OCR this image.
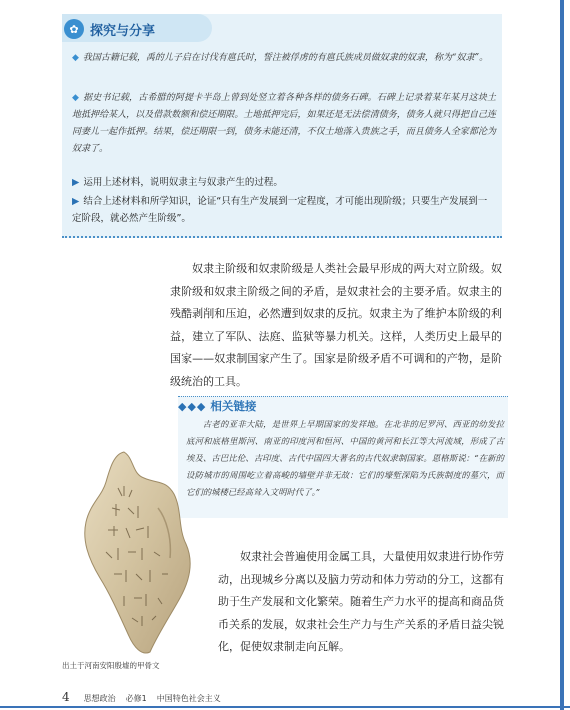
✿ 探究与分享
◆ 我国古籍记载，禹的儿子启在讨伐有扈氏时，誓注被俘虏的有扈氏族成员做奴隶的奴隶，称为“奴隶”。
◆ 据史书记载，古希腊的阿提卡半岛上曾到处竖立着各种各样的债务石碑。石碑上记录着某年某月这块土地抵押给某人，以及借款数额和偿还期限。土地抵押完后，如果还是无法偿清债务，债务人就只得把自己连同妻儿一起作抵押。结果，偿还期限一到，债务未能还清，不仅土地落入贵族之手，而且债务人全家都沦为奴隶了。
▶ 运用上述材料，说明奴隶主与奴隶产生的过程。
▶ 结合上述材料和所学知识，论证“只有生产发展到一定程度，才可能出现阶级；只要生产发展到一定阶段，就必然产生阶级”。
奴隶主阶级和奴隶阶级是人类社会最早形成的两大对立阶级。奴隶阶级和奴隶主阶级之间的矛盾，是奴隶社会的主要矛盾。奴隶主的残酷剥削和压迫，必然遭到奴隶的反抗。奴隶主为了维护本阶级的利益，建立了军队、法庭、监狱等暴力机关。这样，人类历史上最早的国家——奴隶制国家产生了。国家是阶级矛盾不可调和的产物，是阶级统治的工具。
◆◆◆ 相关链接
古老的亚非大陆，是世界上早期国家的发祥地。在北非的尼罗河、西亚的幼发拉底河和底格里斯河、南亚的印度河和恒河、中国的黄河和长江等大河流域，形成了古埃及、古巴比伦、古印度、古代中国四大著名的古代奴隶制国家。恩格斯说：“在新的设防城市的周围屹立着高峻的墙壁并非无故：它们的壕堑深陷为氏族制度的墓穴，而它们的城楼已经高耸入文明时代了。”
出土于河南安阳殷墟的甲骨文
奴隶社会普遍使用金属工具，大量使用奴隶进行协作劳动，出现城乡分离以及脑力劳动和体力劳动的分工，这都有助于生产发展和文化繁荣。随着生产力水平的提高和商品货币关系的发展，奴隶社会生产力与生产关系的矛盾日益尖锐化，促使奴隶制走向瓦解。
4 思想政治 必修1 中国特色社会主义
